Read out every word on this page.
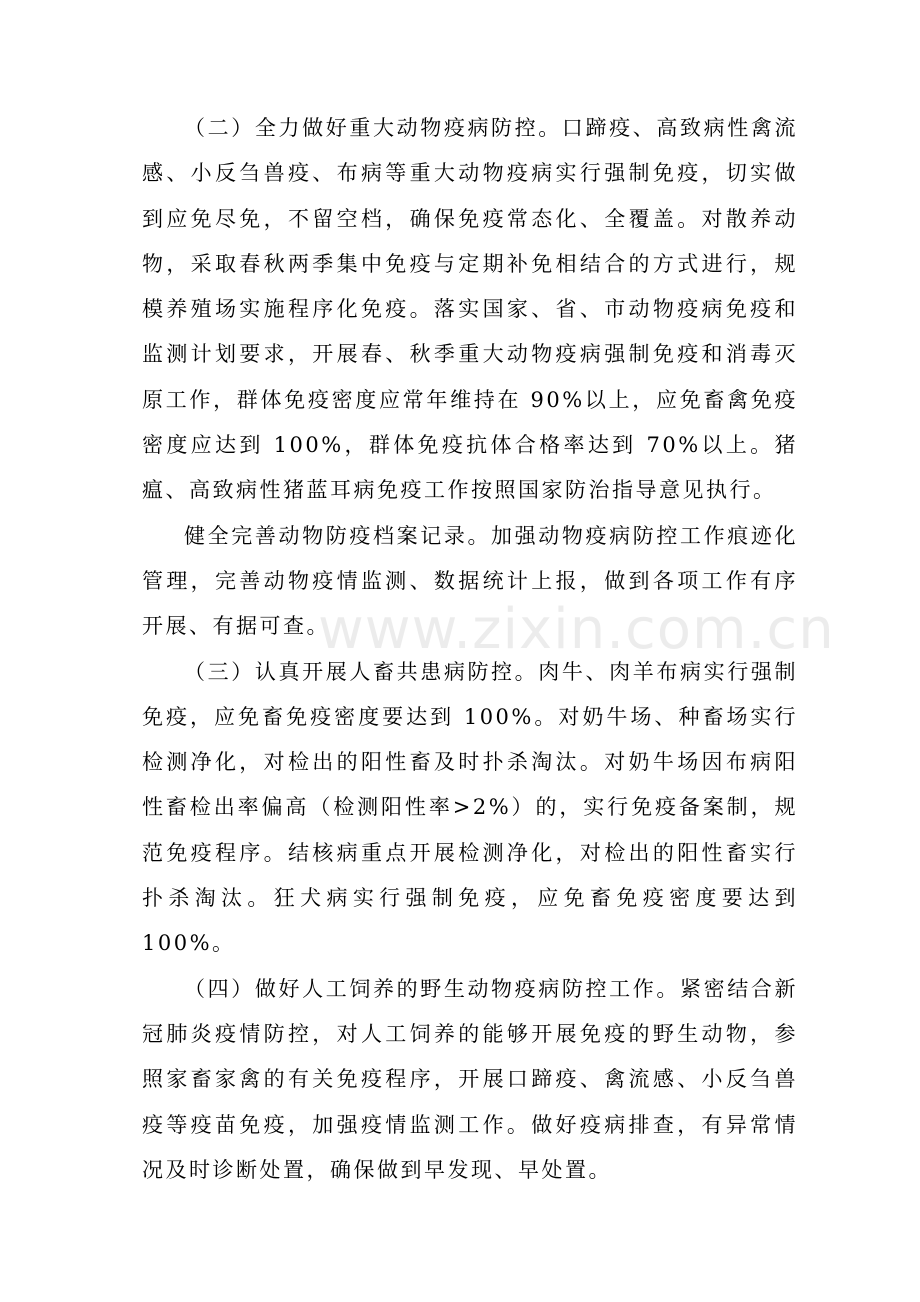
（二）全力做好重大动物疫病防控。口蹄疫、高致病性禽流感、小反刍兽疫、布病等重大动物疫病实行强制免疫，切实做到应免尽免，不留空档，确保免疫常态化、全覆盖。对散养动物，采取春秋两季集中免疫与定期补免相结合的方式进行，规模养殖场实施程序化免疫。落实国家、省、市动物疫病免疫和监测计划要求，开展春、秋季重大动物疫病强制免疫和消毒灭原工作，群体免疫密度应常年维持在 90%以上，应免畜禽免疫密度应达到 100%，群体免疫抗体合格率达到 70%以上。猪瘟、高致病性猪蓝耳病免疫工作按照国家防治指导意见执行。

健全完善动物防疫档案记录。加强动物疫病防控工作痕迹化管理，完善动物疫情监测、数据统计上报，做到各项工作有序开展、有据可查。

（三）认真开展人畜共患病防控。肉牛、肉羊布病实行强制免疫，应免畜免疫密度要达到 100%。对奶牛场、种畜场实行检测净化，对检出的阳性畜及时扑杀淘汰。对奶牛场因布病阳性畜检出率偏高（检测阳性率>2%）的，实行免疫备案制，规范免疫程序。结核病重点开展检测净化，对检出的阳性畜实行扑杀淘汰。狂犬病实行强制免疫，应免畜免疫密度要达到100%。

（四）做好人工饲养的野生动物疫病防控工作。紧密结合新冠肺炎疫情防控，对人工饲养的能够开展免疫的野生动物，参照家畜家禽的有关免疫程序，开展口蹄疫、禽流感、小反刍兽疫等疫苗免疫，加强疫情监测工作。做好疫病排查，有异常情况及时诊断处置，确保做到早发现、早处置。

www.zixin.com.cn
